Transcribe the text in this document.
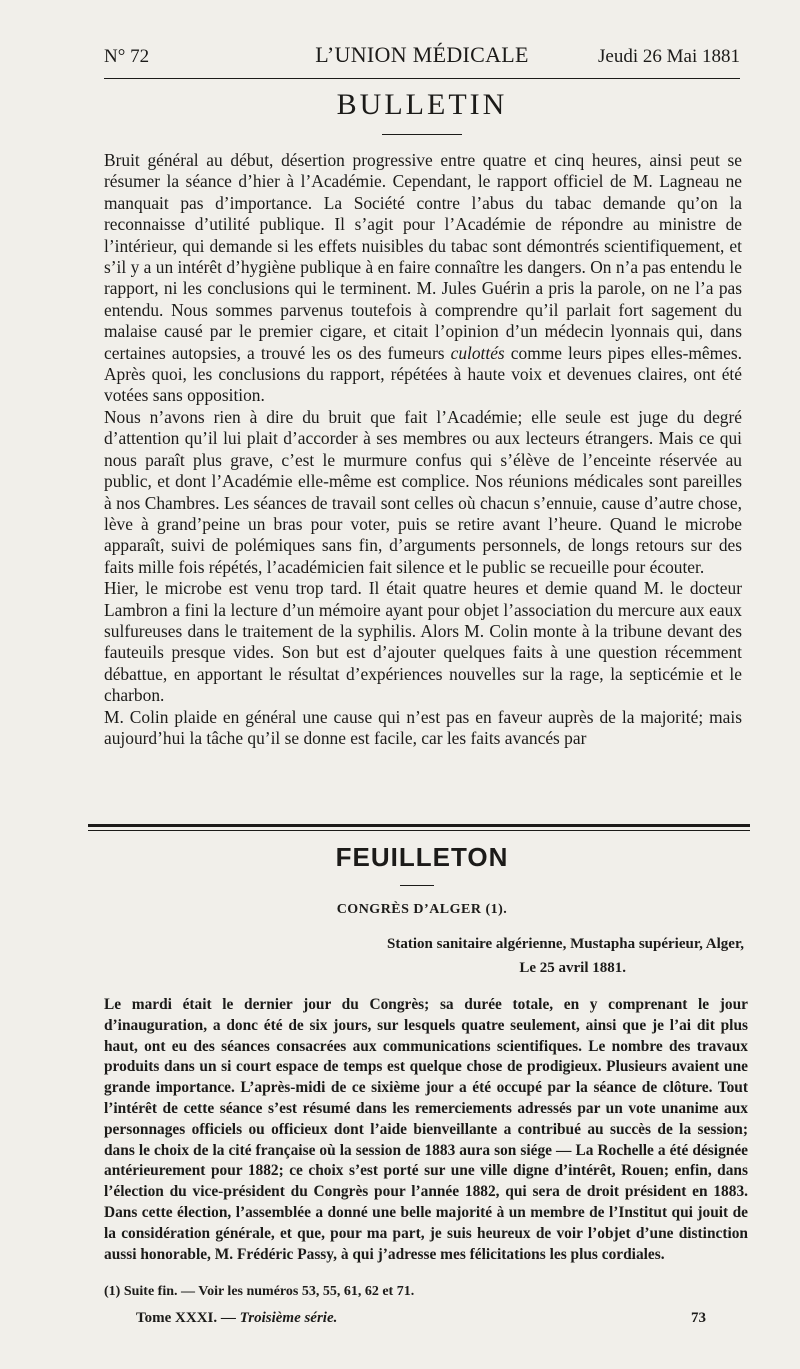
N° 72	L’UNION MÉDICALE	Jeudi 26 Mai 1881
BULLETIN

Bruit général au début, désertion progressive entre quatre et cinq heures, ainsi peut se résumer la séance d’hier à l’Académie. Cependant, le rapport officiel de M. Lagneau ne manquait pas d’importance. La Société contre l’abus du tabac demande qu’on la reconnaisse d’utilité publique. Il s’agit pour l’Académie de répondre au ministre de l’intérieur, qui demande si les effets nuisibles du tabac sont démontrés scientifiquement, et s’il y a un intérêt d’hygiène publique à en faire connaître les dangers. On n’a pas entendu le rapport, ni les conclusions qui le terminent. M. Jules Guérin a pris la parole, on ne l’a pas entendu. Nous sommes parvenus toutefois à comprendre qu’il parlait fort sagement du malaise causé par le premier cigare, et citait l’opinion d’un médecin lyonnais qui, dans certaines autopsies, a trouvé les os des fumeurs culottés comme leurs pipes elles-mêmes. Après quoi, les conclusions du rapport, répétées à haute voix et devenues claires, ont été votées sans opposition.

Nous n’avons rien à dire du bruit que fait l’Académie; elle seule est juge du degré d’attention qu’il lui plait d’accorder à ses membres ou aux lecteurs étrangers. Mais ce qui nous paraît plus grave, c’est le murmure confus qui s’élève de l’enceinte réservée au public, et dont l’Académie elle-même est complice. Nos réunions médicales sont pareilles à nos Chambres. Les séances de travail sont celles où chacun s’ennuie, cause d’autre chose, lève à grand’peine un bras pour voter, puis se retire avant l’heure. Quand le microbe apparaît, suivi de polémiques sans fin, d’arguments personnels, de longs retours sur des faits mille fois répétés, l’académicien fait silence et le public se recueille pour écouter.

Hier, le microbe est venu trop tard. Il était quatre heures et demie quand M. le docteur Lambron a fini la lecture d’un mémoire ayant pour objet l’association du mercure aux eaux sulfureuses dans le traitement de la syphilis. Alors M. Colin monte à la tribune devant des fauteuils presque vides. Son but est d’ajouter quelques faits à une question récemment débattue, en apportant le résultat d’expériences nouvelles sur la rage, la septicémie et le charbon.

M. Colin plaide en général une cause qui n’est pas en faveur auprès de la majorité; mais aujourd’hui la tâche qu’il se donne est facile, car les faits avancés par

FEUILLETON
CONGRÈS D’ALGER (1).
Station sanitaire algérienne, Mustapha supérieur, Alger,
Le 25 avril 1881.

Le mardi était le dernier jour du Congrès; sa durée totale, en y comprenant le jour d’inauguration, a donc été de six jours, sur lesquels quatre seulement, ainsi que je l’ai dit plus haut, ont eu des séances consacrées aux communications scientifiques. Le nombre des travaux produits dans un si court espace de temps est quelque chose de prodigieux. Plusieurs avaient une grande importance. L’après-midi de ce sixième jour a été occupé par la séance de clôture. Tout l’intérêt de cette séance s’est résumé dans les remerciements adressés par un vote unanime aux personnages officiels ou officieux dont l’aide bienveillante a contribué au succès de la session; dans le choix de la cité française où la session de 1883 aura son siége — La Rochelle a été désignée antérieurement pour 1882; ce choix s’est porté sur une ville digne d’intérêt, Rouen; enfin, dans l’élection du vice-président du Congrès pour l’année 1882, qui sera de droit président en 1883. Dans cette élection, l’assemblée a donné une belle majorité à un membre de l’Institut qui jouit de la considération générale, et que, pour ma part, je suis heureux de voir l’objet d’une distinction aussi honorable, M. Frédéric Passy, à qui j’adresse mes félicitations les plus cordiales.

(1) Suite fin. — Voir les numéros 53, 55, 61, 62 et 71.
Tome XXXI. — Troisième série.	73
